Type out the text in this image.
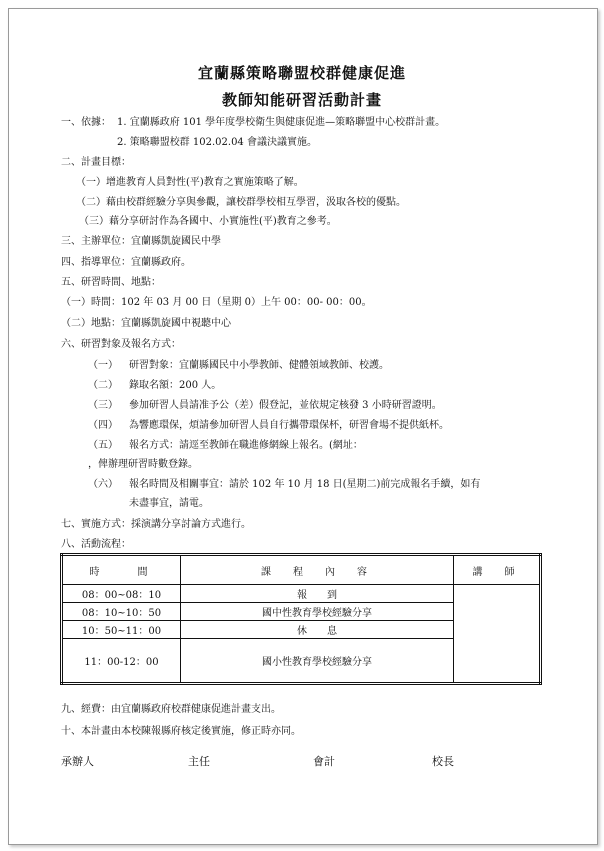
宜蘭縣策略聯盟校群健康促進
教師知能研習活動計畫
一、依據： 1. 宜蘭縣政府 101 學年度學校衛生與健康促進—策略聯盟中心校群計畫。
2. 策略聯盟校群 102.02.04 會議決議實施。
二、計畫目標：
（一）增進教育人員對性(平)教育之實施策略了解。
（二）藉由校群經驗分享與參觀，讓校群學校相互學習，汲取各校的優點。
（三）藉分享研討作為各國中、小實施性(平)教育之參考。
三、主辦單位：宜蘭縣凱旋國民中學
四、指導單位：宜蘭縣政府。
五、研習時間、地點：
（一）時間：102 年 03 月 00 日（星期 0）上午 00：00- 00：00。
（二）地點：宜蘭縣凱旋國中視聽中心
六、研習對象及報名方式：
（一） 研習對象：宜蘭縣國民中小學教師、健體領域教師、校護。
（二） 錄取名額：200 人。
（三） 參加研習人員請准予公（差）假登記，並依規定核發 3 小時研習證明。
（四） 為響應環保，煩請參加研習人員自行攜帶環保杯，研習會場不提供紙杯。
（五） 報名方式：請逕至教師在職進修網線上報名。(網址：
，俾辦理研習時數登錄。
（六） 報名時間及相關事宜：請於 102 年 10 月 18 日(星期二)前完成報名手續，如有
未盡事宜，請電。
七、實施方式：採演講分享討論方式進行。
八、活動流程：
時　　間	課　程　內　容	講　師
08：00~08：10	報　　到	
08：10~10：50	國中性教育學校經驗分享	
10：50~11：00	休　　息	
11：00-12：00	國小性教育學校經驗分享	
九、經費：由宜蘭縣政府校群健康促進計畫支出。
十、本計畫由本校陳報縣府核定後實施，修正時亦同。
承辦人	主任	會計	校長
